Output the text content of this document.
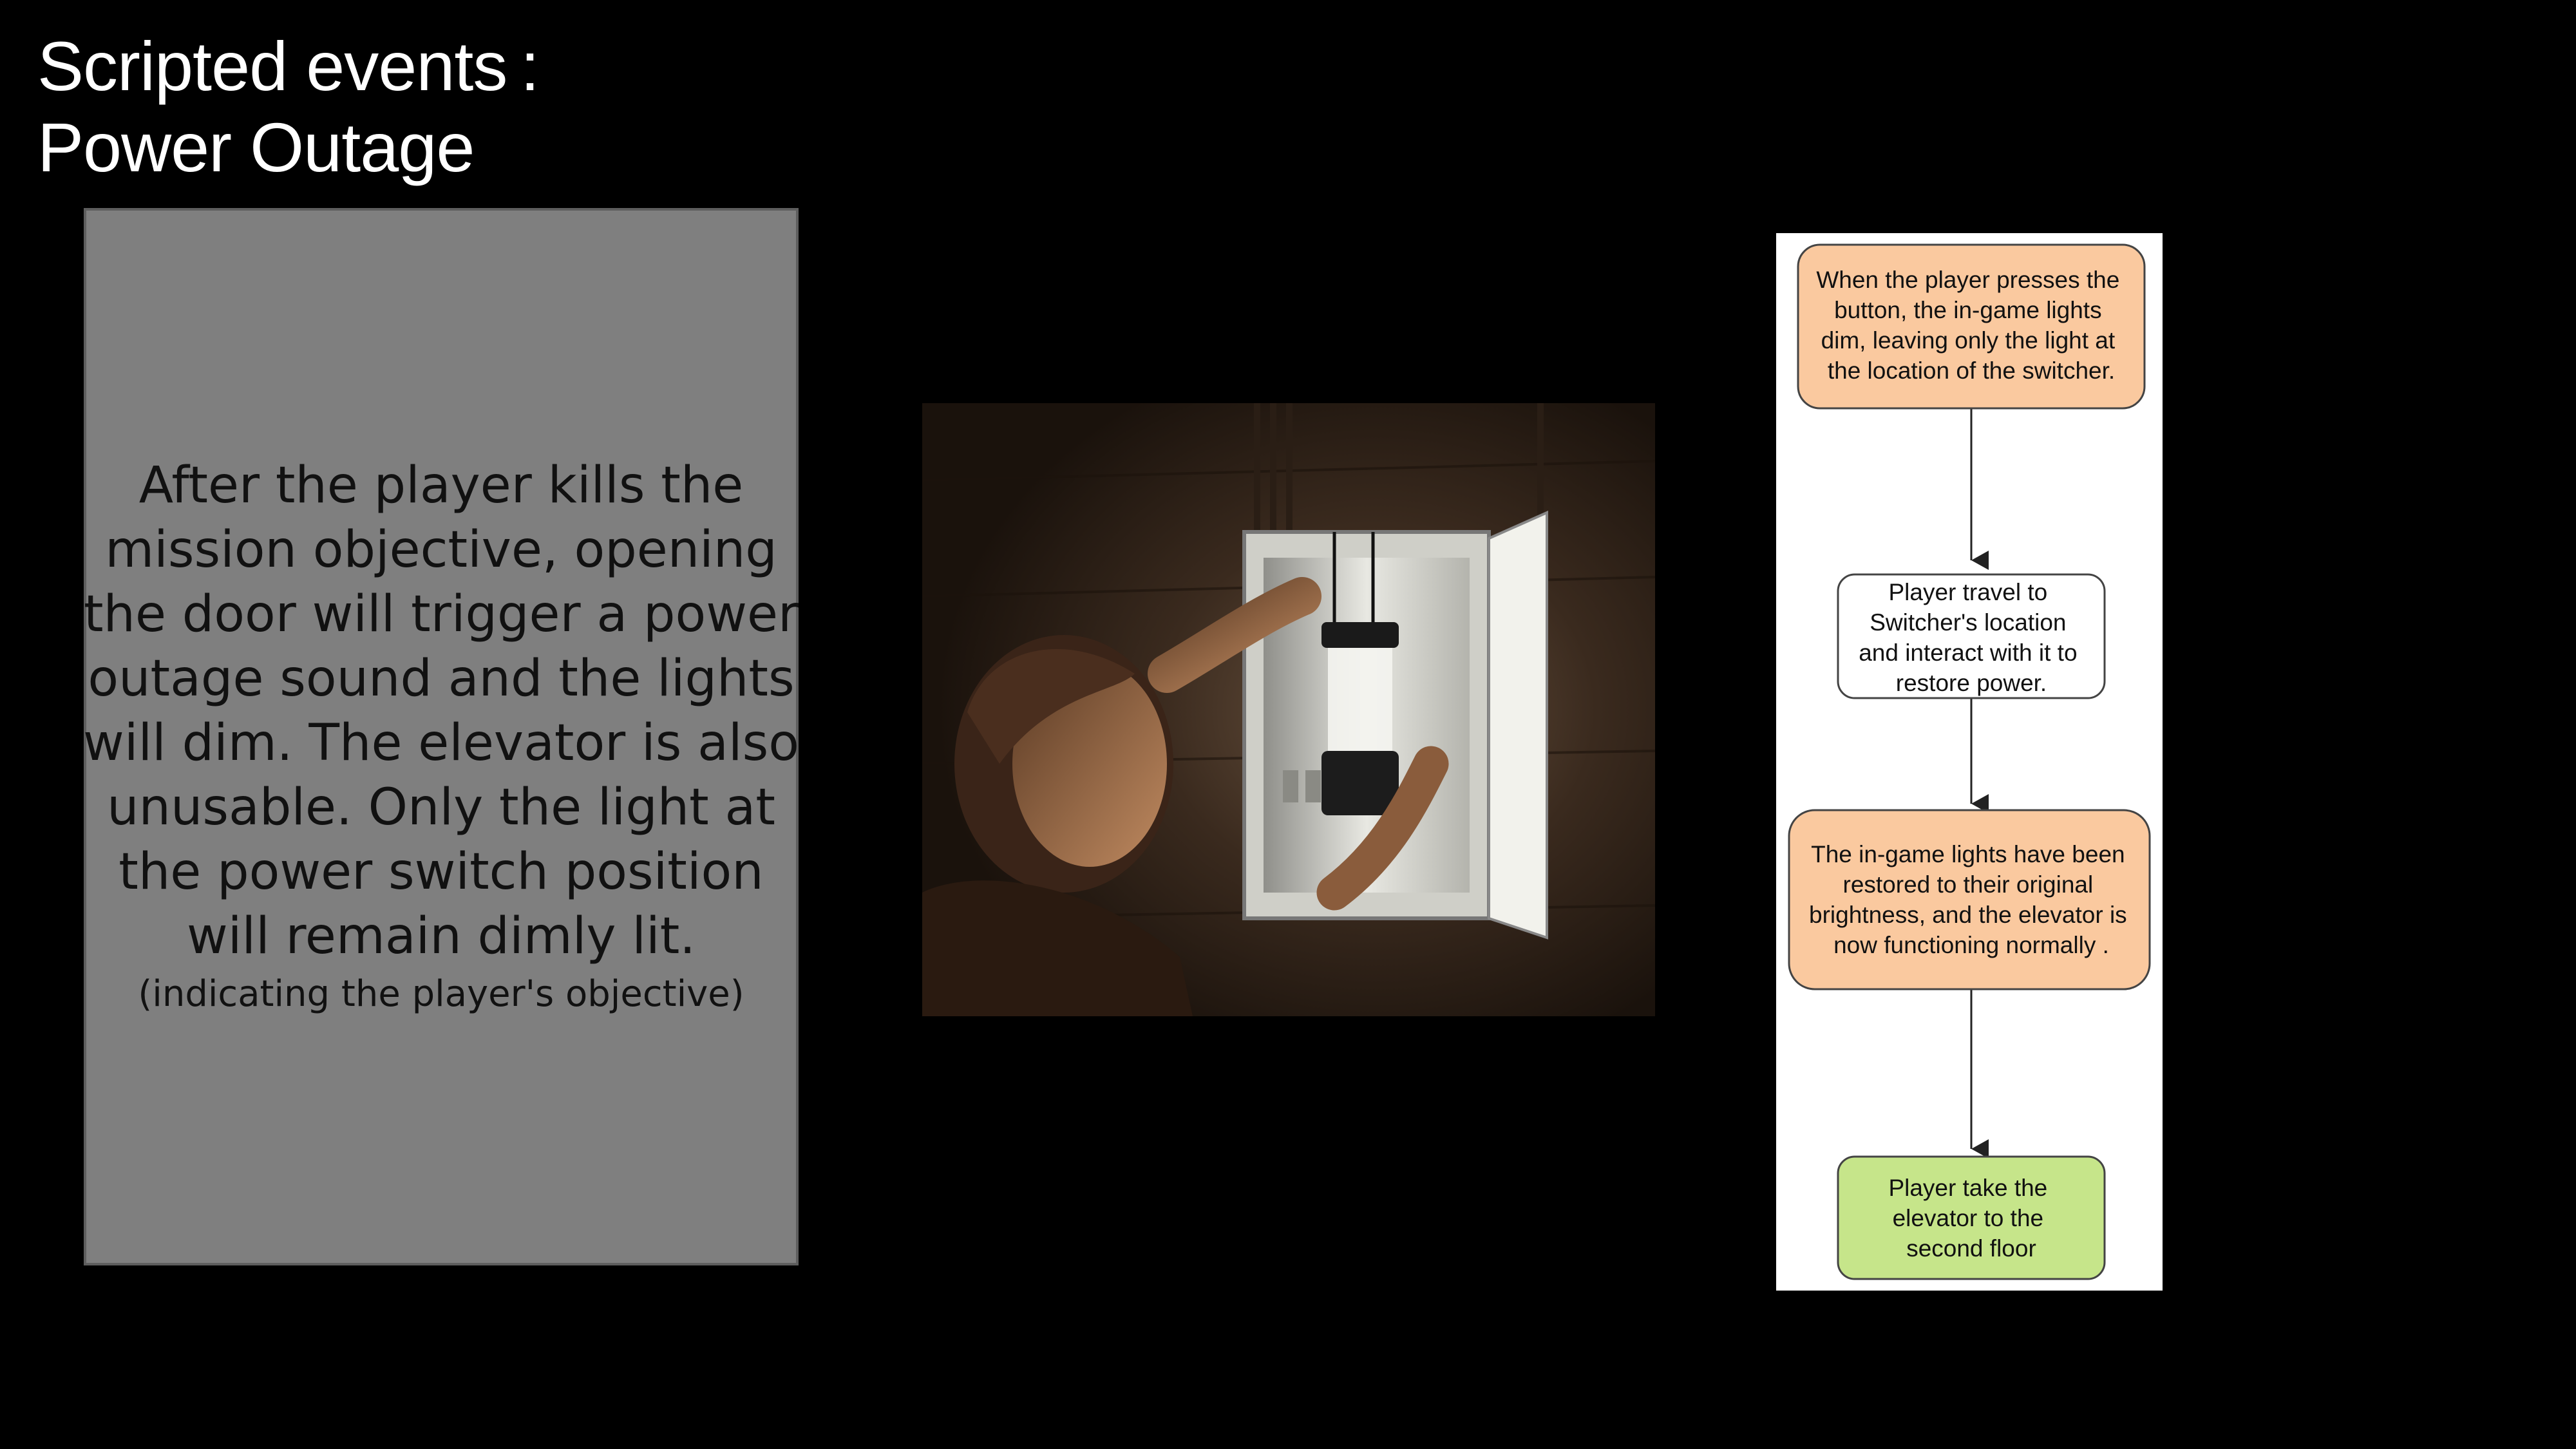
Scripted events :
Power Outage
After the player kills the
mission objective, opening
the door will trigger a power
outage sound and the lights
will dim. The elevator is also
unusable. Only the light at
the power switch position
will remain dimly lit.
(indicating the player's objective)
When the player presses the button, the in-game lights dim, leaving only the light at the location of the switcher.
Player travel to Switcher's location and interact with it to restore power.
The in-game lights have been restored to their original brightness, and the elevator is now functioning normally .
Player take the elevator to the second floor
